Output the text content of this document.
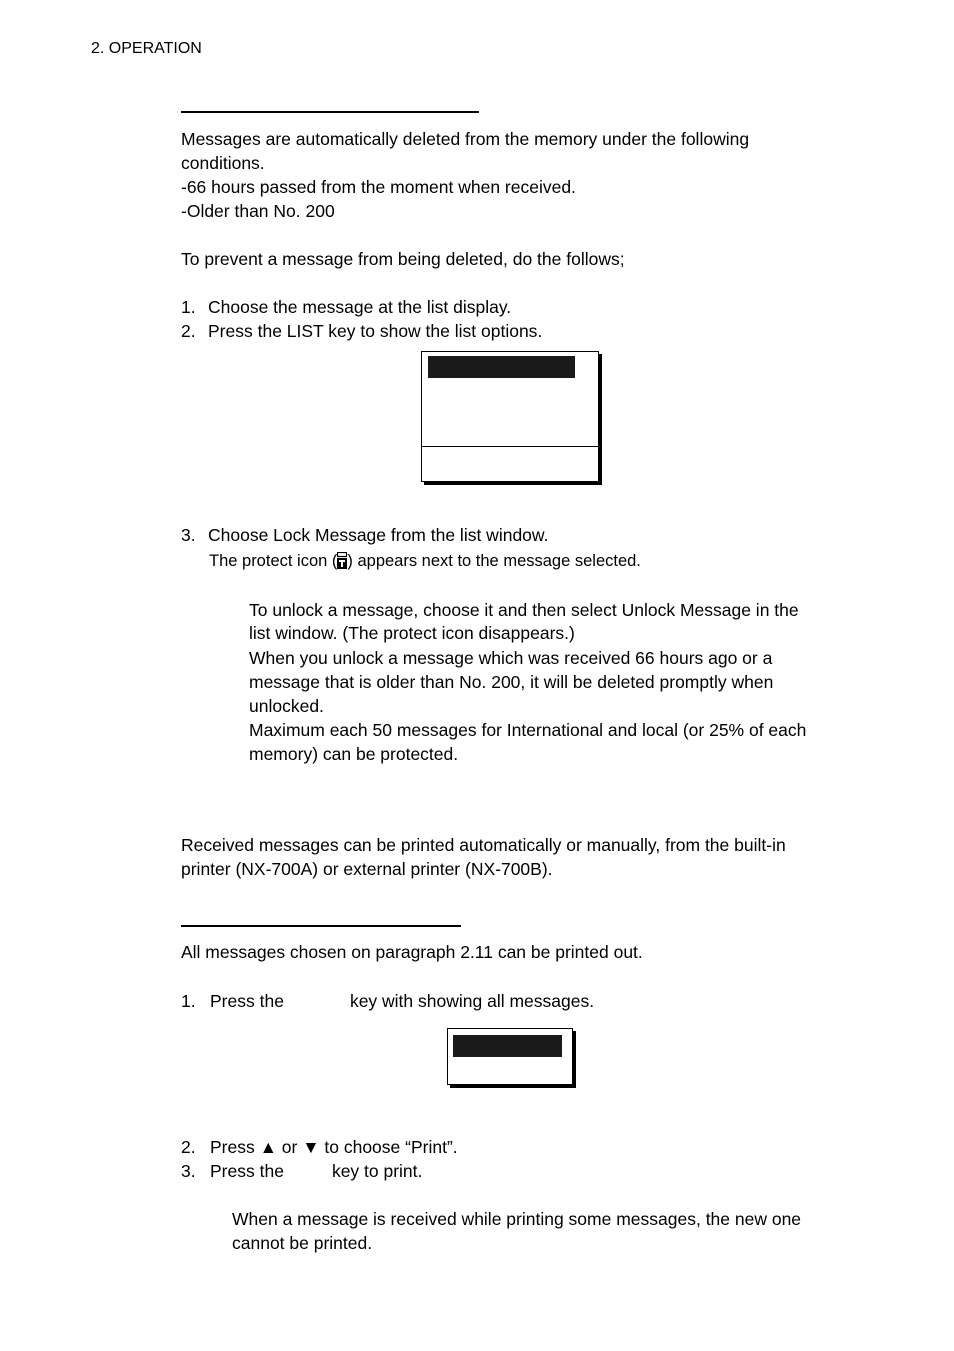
2. OPERATION
Messages are automatically deleted from the memory under the following
conditions.
-66 hours passed from the moment when received.
-Older than No. 200
To prevent a message from being deleted, do the follows;
1. Choose the message at the list display.
2. Press the LIST key to show the list options.
3. Choose Lock Message from the list window.
The protect icon ( ) appears next to the message selected.
To unlock a message, choose it and then select Unlock Message in the
list window. (The protect icon disappears.)
When you unlock a message which was received 66 hours ago or a
message that is older than No. 200, it will be deleted promptly when
unlocked.
Maximum each 50 messages for International and local (or 25% of each
memory) can be protected.
Received messages can be printed automatically or manually, from the built-in
printer (NX-700A) or external printer (NX-700B).
All messages chosen on paragraph 2.11 can be printed out.
1. Press the	key with showing all messages.
2. Press ▲ or ▼ to choose “Print”.
3. Press the	key to print.
When a message is received while printing some messages, the new one
cannot be printed.
